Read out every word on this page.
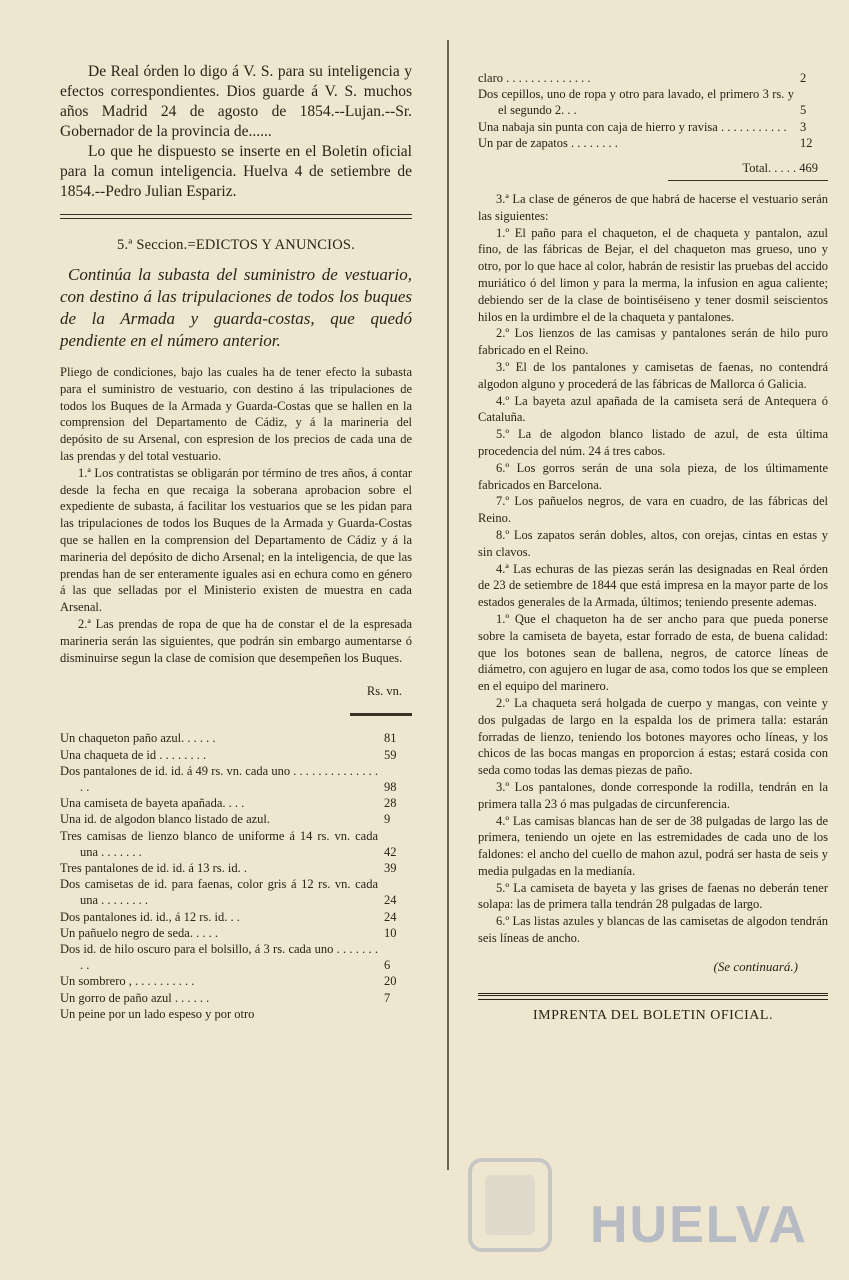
De Real órden lo digo á V. S. para su inteligencia y efectos correspondientes. Dios guarde á V. S. muchos años Madrid 24 de agosto de 1854.--Lujan.--Sr. Gobernador de la provincia de......

Lo que he dispuesto se inserte en el Boletin oficial para la comun inteligencia. Huelva 4 de setiembre de 1854.--Pedro Julian Espariz.

5.ª Seccion.=EDICTOS Y ANUNCIOS.

Continúa la subasta del suministro de vestuario, con destino á las tripulaciones de todos los buques de la Armada y guarda-costas, que quedó pendiente en el número anterior.

Pliego de condiciones, bajo las cuales ha de tener efecto la subasta para el suministro de vestuario, con destino á las tripulaciones de todos los Buques de la Armada y Guarda-Costas que se hallen en la comprension del Departamento de Cádiz, y á la marineria del depósito de su Arsenal, con espresion de los precios de cada una de las prendas y del total vestuario.

1.ª Los contratistas se obligarán por término de tres años, á contar desde la fecha en que recaiga la soberana aprobacion sobre el expediente de subasta, á facilitar los vestuarios que se les pidan para las tripulaciones de todos los Buques de la Armada y Guarda-Costas que se hallen en la comprension del Departamento de Cádiz y á la marineria del depósito de dicho Arsenal; en la inteligencia, de que las prendas han de ser enteramente iguales asi en echura como en género á las que selladas por el Ministerio existen de muestra en cada Arsenal.

2.ª Las prendas de ropa de que ha de constar el de la espresada marineria serán las siguientes, que podrán sin embargo aumentarse ó disminuirse segun la clase de comision que desempeñen los Buques.

Rs. vn.
Un chaqueton paño azul. . . . . .	81
Una chaqueta de id . . . . . . . .	59
Dos pantalones de id. id. á 49 rs. vn. cada uno . . . . . . . . . . . . . . . .	98
Una camiseta de bayeta apañada. . . .	28
Una id. de algodon blanco listado de azul.	9
Tres camisas de lienzo blanco de uniforme á 14 rs. vn. cada una . . . . . . .	42
Tres pantalones de id. id. á 13 rs. id. .	39
Dos camisetas de id. para faenas, color gris á 12 rs. vn. cada una . . . . . . . .	24
Dos pantalones id. id., á 12 rs. id. . .	24
Un pañuelo negro de seda. . . . .	10
Dos id. de hilo oscuro para el bolsillo, á 3 rs. cada uno . . . . . . . . .	6
Un sombrero , . . . . . . . . . .	20
Un gorro de paño azul . . . . . .	7
Un peine por un lado espeso y por otro
claro . . . . . . . . . . . . . .	2
Dos cepillos, uno de ropa y otro para lavado, el primero 3 rs. y el segundo 2. . .	5
Una nabaja sin punta con caja de hierro y ravisa . . . . . . . . . . . 3
Un par de zapatos . . . . . . . .	12
Total. . . . . 469

3.ª La clase de géneros de que habrá de hacerse el vestuario serán las siguientes:

1.º El paño para el chaqueton, el de chaqueta y pantalon, azul fino, de las fábricas de Bejar, el del chaqueton mas grueso, uno y otro, por lo que hace al color, habrán de resistir las pruebas del accido muriático ó del limon y para la merma, la infusion en agua caliente; debiendo ser de la clase de bointiséiseno y tener dosmil seiscientos hilos en la urdimbre el de la chaqueta y pantalones.

2.º Los lienzos de las camisas y pantalones serán de hilo puro fabricado en el Reino.

3.º El de los pantalones y camisetas de faenas, no contendrá algodon alguno y procederá de las fábricas de Mallorca ó Galicia.

4.º La bayeta azul apañada de la camiseta será de Antequera ó Cataluña.

5.º La de algodon blanco listado de azul, de esta última procedencia del núm. 24 á tres cabos.

6.º Los gorros serán de una sola pieza, de los últimamente fabricados en Barcelona.

7.º Los pañuelos negros, de vara en cuadro, de las fábricas del Reino.

8.º Los zapatos serán dobles, altos, con orejas, cintas en estas y sin clavos.

4.ª Las echuras de las piezas serán las designadas en Real órden de 23 de setiembre de 1844 que está impresa en la mayor parte de los estados generales de la Armada, últimos; teniendo presente ademas.

1.º Que el chaqueton ha de ser ancho para que pueda ponerse sobre la camiseta de bayeta, estar forrado de esta, de buena calidad: que los botones sean de ballena, negros, de catorce líneas de diámetro, con agujero en lugar de asa, como todos los que se empleen en el equipo del marinero.

2.º La chaqueta será holgada de cuerpo y mangas, con veinte y dos pulgadas de largo en la espalda los de primera talla: estarán forradas de lienzo, teniendo los botones mayores ocho líneas, y los chicos de las bocas mangas en proporcion á estas; estará cosida con seda como todas las demas piezas de paño.

3.º Los pantalones, donde corresponde la rodilla, tendrán en la primera talla 23 ó mas pulgadas de circunferencia.

4.º Las camisas blancas han de ser de 38 pulgadas de largo las de primera, teniendo un ojete en las estremidades de cada uno de los faldones: el ancho del cuello de mahon azul, podrá ser hasta de seis y media pulgadas en la medianía.

5.º La camiseta de bayeta y las grises de faenas no deberán tener solapa: las de primera talla tendrán 28 pulgadas de largo.

6.º Las listas azules y blancas de las camisetas de algodon tendrán seis líneas de ancho.

(Se continuará.)
IMPRENTA DEL BOLETIN OFICIAL.
HUELVA
